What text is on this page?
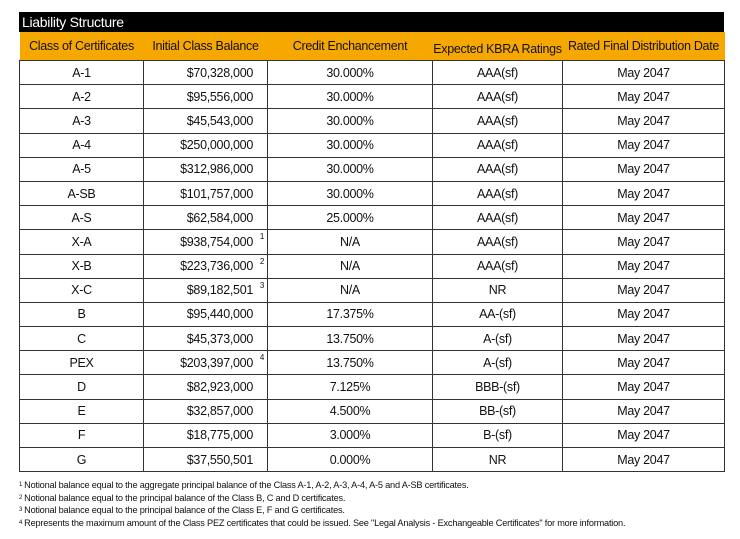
Liability Structure
Class of Certificates	Initial Class Balance	Credit Enchancement	Expected KBRA Ratings	Rated Final Distribution Date
A-1	$70,328,000	30.000%	AAA(sf)	May 2047
A-2	$95,556,000	30.000%	AAA(sf)	May 2047
A-3	$45,543,000	30.000%	AAA(sf)	May 2047
A-4	$250,000,000	30.000%	AAA(sf)	May 2047
A-5	$312,986,000	30.000%	AAA(sf)	May 2047
A-SB	$101,757,000	30.000%	AAA(sf)	May 2047
A-S	$62,584,000	25.000%	AAA(sf)	May 2047
X-A	$938,754,000 1	N/A	AAA(sf)	May 2047
X-B	$223,736,000 2	N/A	AAA(sf)	May 2047
X-C	$89,182,501 3	N/A	NR	May 2047
B	$95,440,000	17.375%	AA-(sf)	May 2047
C	$45,373,000	13.750%	A-(sf)	May 2047
PEX	$203,397,000 4	13.750%	A-(sf)	May 2047
D	$82,923,000	7.125%	BBB-(sf)	May 2047
E	$32,857,000	4.500%	BB-(sf)	May 2047
F	$18,775,000	3.000%	B-(sf)	May 2047
G	$37,550,501	0.000%	NR	May 2047
$^1$ Notional balance equal to the aggregate principal balance of the Class A-1, A-2, A-3, A-4, A-5 and A-SB certificates.
$^2$ Notional balance equal to the principal balance of the Class B, C and D certificates.
$^3$ Notional balance equal to the principal balance of the Class E, F and G certificates.
$^4$ Represents the maximum amount of the Class PEZ certificates that could be issued. See "Legal Analysis - Exchangeable Certificates" for more information.
